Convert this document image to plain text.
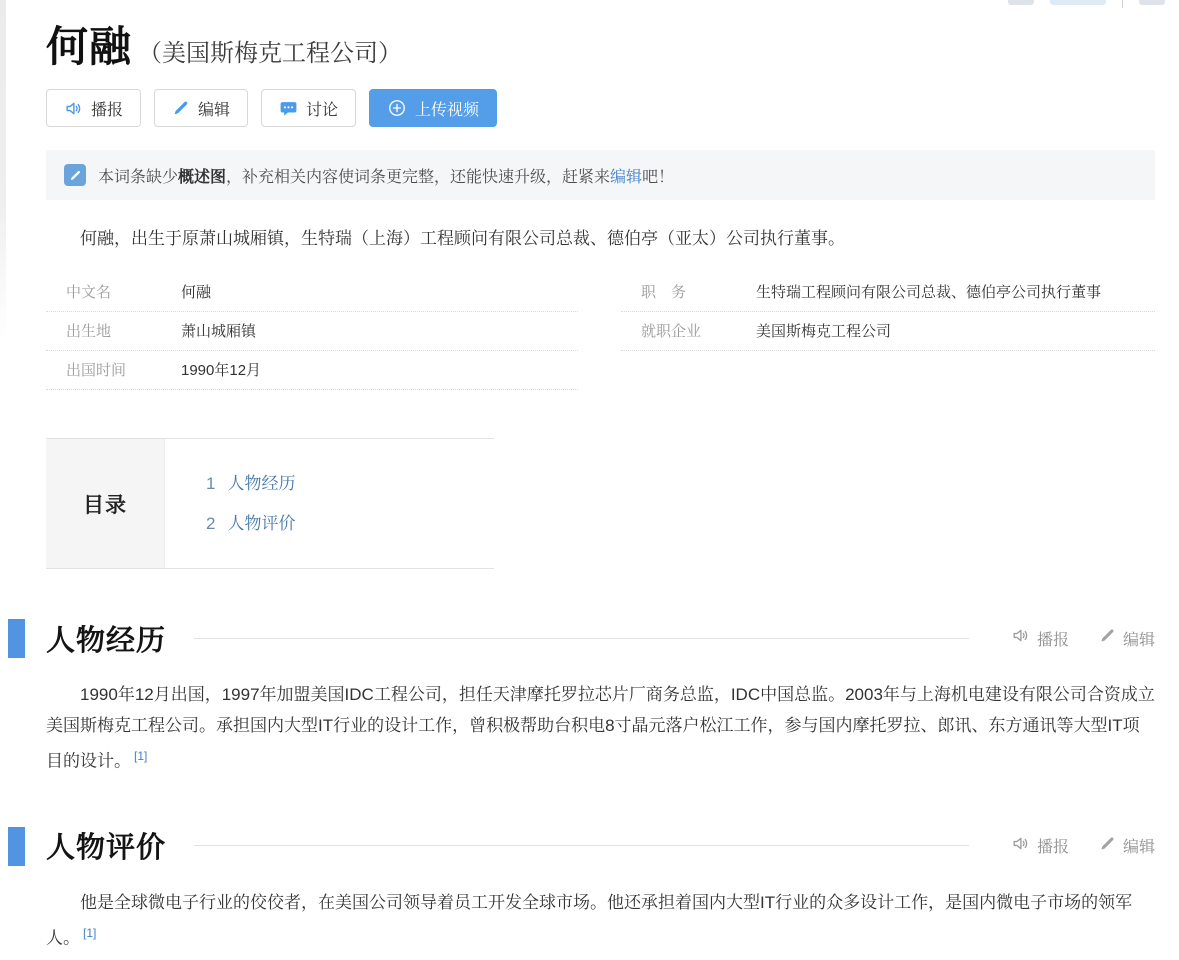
何融 （美国斯梅克工程公司）
播报	编辑	讨论	上传视频
本词条缺少概述图，补充相关内容使词条更完整，还能快速升级，赶紧来编辑吧！

何融，出生于原萧山城厢镇，生特瑞（上海）工程顾问有限公司总裁、德伯亭（亚太）公司执行董事。

中文名	何融
出生地	萧山城厢镇
出国时间	1990年12月
职　务	生特瑞工程顾问有限公司总裁、德伯亭公司执行董事
就职企业	美国斯梅克工程公司
目录
1 人物经历
2 人物评价
人物经历	播报	编辑

1990年12月出国，1997年加盟美国IDC工程公司，担任天津摩托罗拉芯片厂商务总监，IDC中国总监。2003年与上海机电建设有限公司合资成立美国斯梅克工程公司。承担国内大型IT行业的设计工作，曾积极帮助台积电8寸晶元落户松江工作，参与国内摩托罗拉、郎讯、东方通讯等大型IT项目的设计。 [1]

人物评价	播报	编辑

他是全球微电子行业的佼佼者，在美国公司领导着员工开发全球市场。他还承担着国内大型IT行业的众多设计工作，是国内微电子市场的领军人。 [1]
